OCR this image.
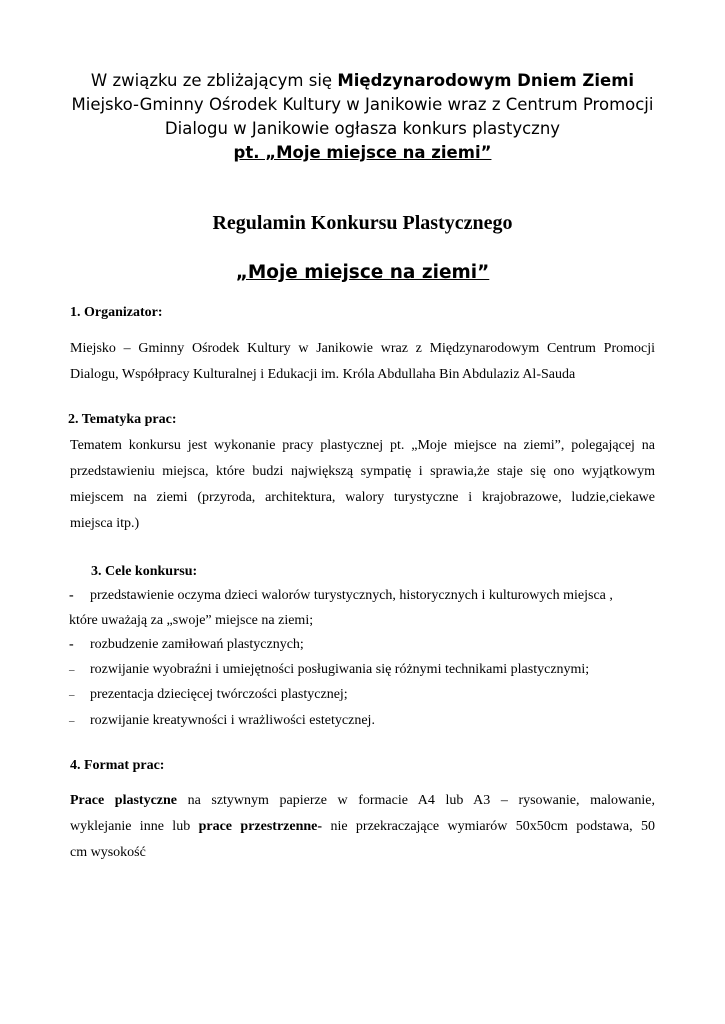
W związku ze zbliżającym się Międzynarodowym Dniem Ziemi
Miejsko-Gminny Ośrodek Kultury w Janikowie wraz z Centrum Promocji
Dialogu w Janikowie ogłasza konkurs plastyczny
pt. „Moje miejsce na ziemi”
Regulamin Konkursu Plastycznego
„Moje miejsce na ziemi”
1. Organizator:
Miejsko – Gminny Ośrodek Kultury w Janikowie wraz z Międzynarodowym Centrum Promocji
Dialogu, Współpracy Kulturalnej i Edukacji im. Króla Abdullaha Bin Abdulaziz Al-Sauda
2. Tematyka prac:
Tematem konkursu jest wykonanie pracy plastycznej pt. „Moje miejsce na ziemi”, polegającej na
przedstawieniu miejsca, które budzi największą sympatię i sprawia,że staje się ono wyjątkowym
miejscem na ziemi (przyroda, architektura, walory turystyczne i krajobrazowe, ludzie,ciekawe
miejsca itp.)
3. Cele konkursu:
- przedstawienie oczyma dzieci walorów turystycznych, historycznych i kulturowych miejsca ,
które uważają za „swoje” miejsce na ziemi;
- rozbudzenie zamiłowań plastycznych;
– rozwijanie wyobraźni i umiejętności posługiwania się różnymi technikami plastycznymi;
– prezentacja dziecięcej twórczości plastycznej;
– rozwijanie kreatywności i wrażliwości estetycznej.
4. Format prac:
Prace plastyczne na sztywnym papierze w formacie A4 lub A3 – rysowanie, malowanie,
wyklejanie inne lub prace przestrzenne- nie przekraczające wymiarów 50x50cm podstawa, 50
cm wysokość
